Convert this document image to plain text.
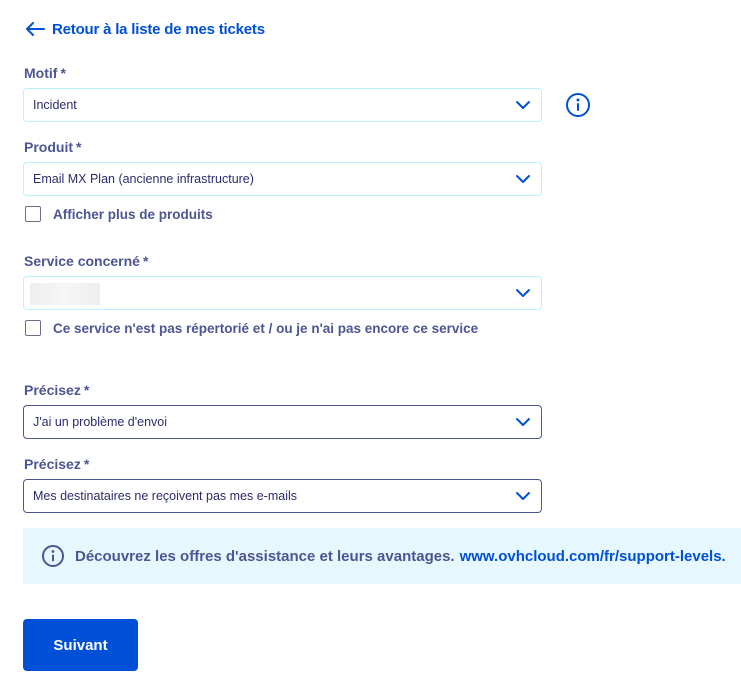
Retour à la liste de mes tickets
Motif *
Incident
Produit *
Email MX Plan (ancienne infrastructure)
Afficher plus de produits
Service concerné *
Ce service n'est pas répertorié et / ou je n'ai pas encore ce service
Précisez *
J'ai un problème d'envoi
Précisez *
Mes destinataires ne reçoivent pas mes e-mails
Découvrez les offres d'assistance et leurs avantages. www.ovhcloud.com/fr/support-levels.
Suivant
